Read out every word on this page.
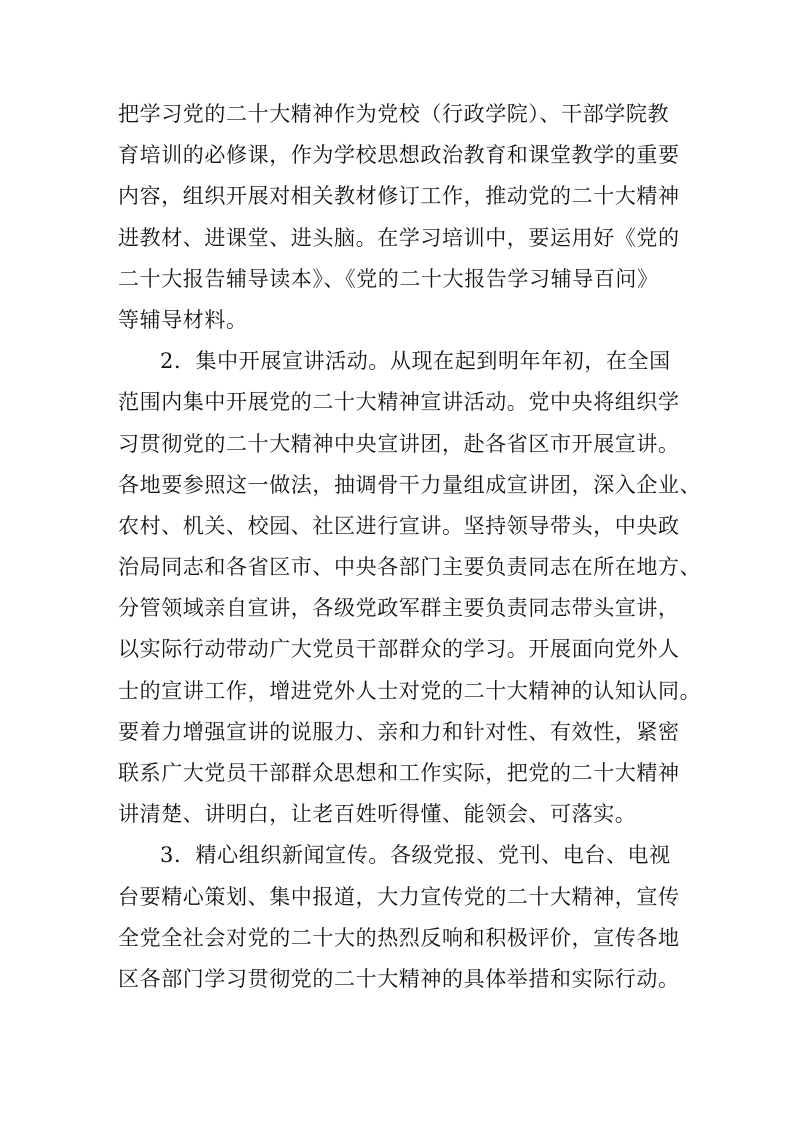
把学习党的二十大精神作为党校（行政学院）、干部学院教
育培训的必修课，作为学校思想政治教育和课堂教学的重要
内容，组织开展对相关教材修订工作，推动党的二十大精神
进教材、进课堂、进头脑。在学习培训中，要运用好《党的
二十大报告辅导读本》、《党的二十大报告学习辅导百问》
等辅导材料。
2．集中开展宣讲活动。从现在起到明年年初，在全国
范围内集中开展党的二十大精神宣讲活动。党中央将组织学
习贯彻党的二十大精神中央宣讲团，赴各省区市开展宣讲。
各地要参照这一做法，抽调骨干力量组成宣讲团，深入企业、
农村、机关、校园、社区进行宣讲。坚持领导带头，中央政
治局同志和各省区市、中央各部门主要负责同志在所在地方、
分管领域亲自宣讲，各级党政军群主要负责同志带头宣讲，
以实际行动带动广大党员干部群众的学习。开展面向党外人
士的宣讲工作，增进党外人士对党的二十大精神的认知认同。
要着力增强宣讲的说服力、亲和力和针对性、有效性，紧密
联系广大党员干部群众思想和工作实际，把党的二十大精神
讲清楚、讲明白，让老百姓听得懂、能领会、可落实。
3．精心组织新闻宣传。各级党报、党刊、电台、电视
台要精心策划、集中报道，大力宣传党的二十大精神，宣传
全党全社会对党的二十大的热烈反响和积极评价，宣传各地
区各部门学习贯彻党的二十大精神的具体举措和实际行动。
